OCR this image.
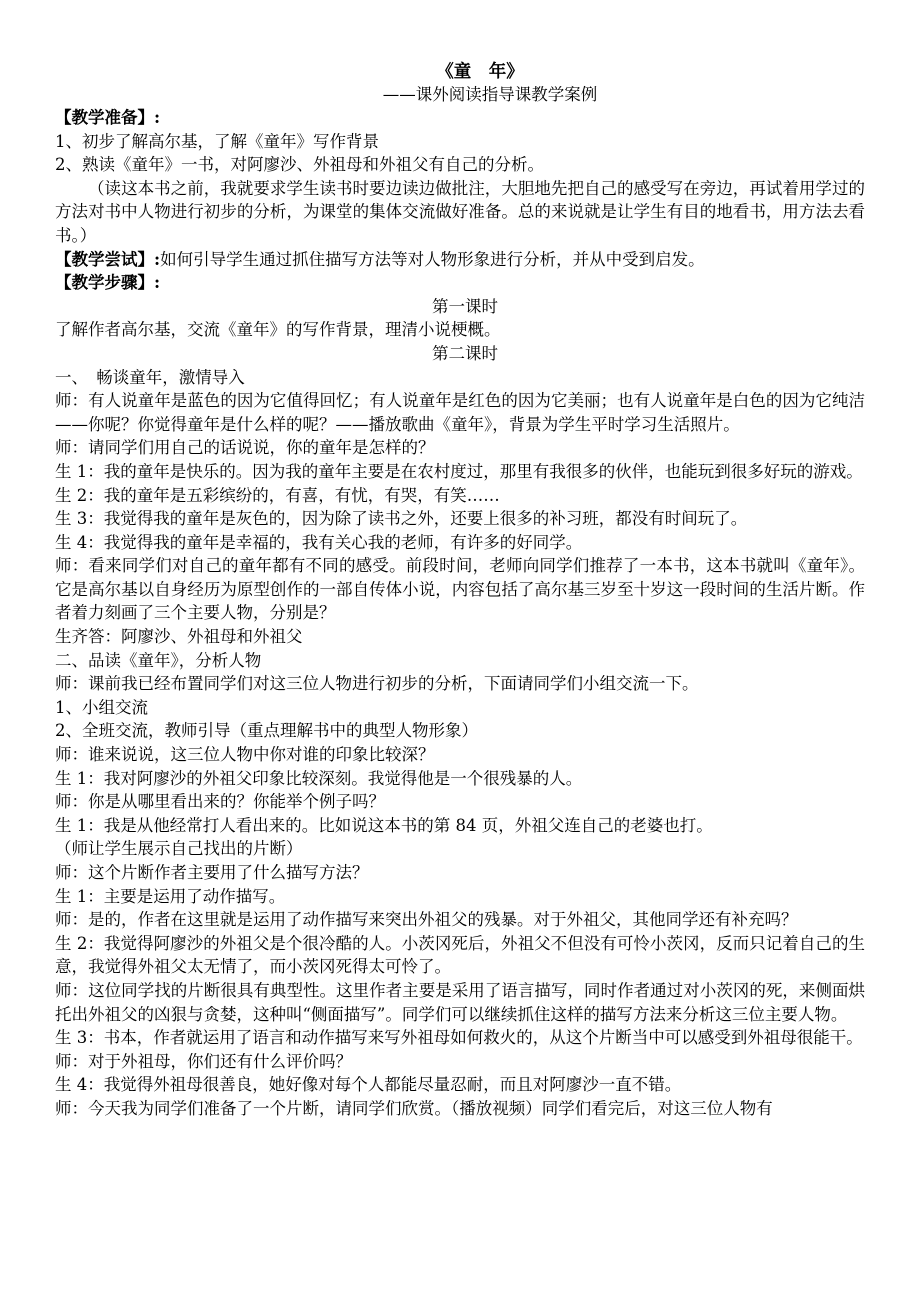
《童　年》
——课外阅读指导课教学案例

【教学准备】:

1、初步了解高尔基，了解《童年》写作背景

2、熟读《童年》一书，对阿廖沙、外祖母和外祖父有自己的分析。

（读这本书之前，我就要求学生读书时要边读边做批注，大胆地先把自己的感受写在旁边，再试着用学过的方法对书中人物进行初步的分析，为课堂的集体交流做好准备。总的来说就是让学生有目的地看书，用方法去看书。）

【教学尝试】:如何引导学生通过抓住描写方法等对人物形象进行分析，并从中受到启发。

【教学步骤】:

第一课时

了解作者高尔基，交流《童年》的写作背景，理清小说梗概。

第二课时

一、　畅谈童年，激情导入

师：有人说童年是蓝色的因为它值得回忆；有人说童年是红色的因为它美丽；也有人说童年是白色的因为它纯洁——你呢？你觉得童年是什么样的呢？——播放歌曲《童年》，背景为学生平时学习生活照片。

师：请同学们用自己的话说说，你的童年是怎样的？

生 1：我的童年是快乐的。因为我的童年主要是在农村度过，那里有我很多的伙伴，也能玩到很多好玩的游戏。

生 2：我的童年是五彩缤纷的，有喜，有忧，有哭，有笑……

生 3：我觉得我的童年是灰色的，因为除了读书之外，还要上很多的补习班，都没有时间玩了。

生 4：我觉得我的童年是幸福的，我有关心我的老师，有许多的好同学。

师：看来同学们对自己的童年都有不同的感受。前段时间，老师向同学们推荐了一本书，这本书就叫《童年》。它是高尔基以自身经历为原型创作的一部自传体小说，内容包括了高尔基三岁至十岁这一段时间的生活片断。作者着力刻画了三个主要人物，分别是？

生齐答：阿廖沙、外祖母和外祖父

二、品读《童年》，分析人物

师：课前我已经布置同学们对这三位人物进行初步的分析，下面请同学们小组交流一下。

1、小组交流

2、全班交流，教师引导（重点理解书中的典型人物形象）

师：谁来说说，这三位人物中你对谁的印象比较深？

生 1：我对阿廖沙的外祖父印象比较深刻。我觉得他是一个很残暴的人。

师：你是从哪里看出来的？你能举个例子吗？

生 1：我是从他经常打人看出来的。比如说这本书的第 84 页，外祖父连自己的老婆也打。

（师让学生展示自己找出的片断）

师：这个片断作者主要用了什么描写方法？

生 1：主要是运用了动作描写。

师：是的，作者在这里就是运用了动作描写来突出外祖父的残暴。对于外祖父，其他同学还有补充吗？

生 2：我觉得阿廖沙的外祖父是个很冷酷的人。小茨冈死后，外祖父不但没有可怜小茨冈，反而只记着自己的生意，我觉得外祖父太无情了，而小茨冈死得太可怜了。

师：这位同学找的片断很具有典型性。这里作者主要是采用了语言描写，同时作者通过对小茨冈的死，来侧面烘托出外祖父的凶狠与贪婪，这种叫“侧面描写”。同学们可以继续抓住这样的描写方法来分析这三位主要人物。

生 3：书本，作者就运用了语言和动作描写来写外祖母如何救火的，从这个片断当中可以感受到外祖母很能干。

师：对于外祖母，你们还有什么评价吗？

生 4：我觉得外祖母很善良，她好像对每个人都能尽量忍耐，而且对阿廖沙一直不错。

师：今天我为同学们准备了一个片断，请同学们欣赏。（播放视频）同学们看完后，对这三位人物有
